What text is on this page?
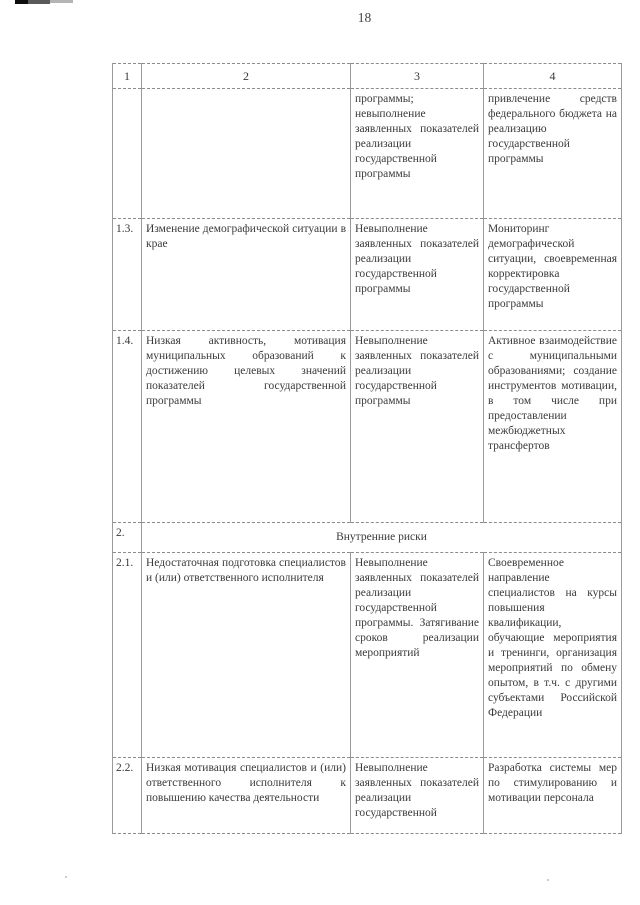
18
1	2	3	4
		программы; невыполнение заявленных показателей реализации государственной программы	привлечение средств федерального бюджета на реализацию государственной программы
1.3.	Изменение демографической ситуации в крае	Невыполнение заявленных показателей реализации государственной программы	Мониторинг демографической ситуации, своевременная корректировка государственной программы
1.4.	Низкая активность, мотивация муниципальных образований к достижению целевых значений показателей государственной программы	Невыполнение заявленных показателей реализации государственной программы	Активное взаимодействие с муниципальными образованиями; создание инструментов мотивации, в том числе при предоставлении межбюджетных трансфертов
2.	Внутренние риски		
2.1.	Недостаточная подготовка специалистов и (или) ответственного исполнителя	Невыполнение заявленных показателей реализации государственной программы. Затягивание сроков реализации мероприятий	Своевременное направление специалистов на курсы повышения квалификации, обучающие мероприятия и тренинги, организация мероприятий по обмену опытом, в т.ч. с другими субъектами Российской Федерации
2.2.	Низкая мотивация специалистов и (или) ответственного исполнителя к повышению качества деятельности	Невыполнение заявленных показателей реализации государственной	Разработка системы мер по стимулированию и мотивации персонала
